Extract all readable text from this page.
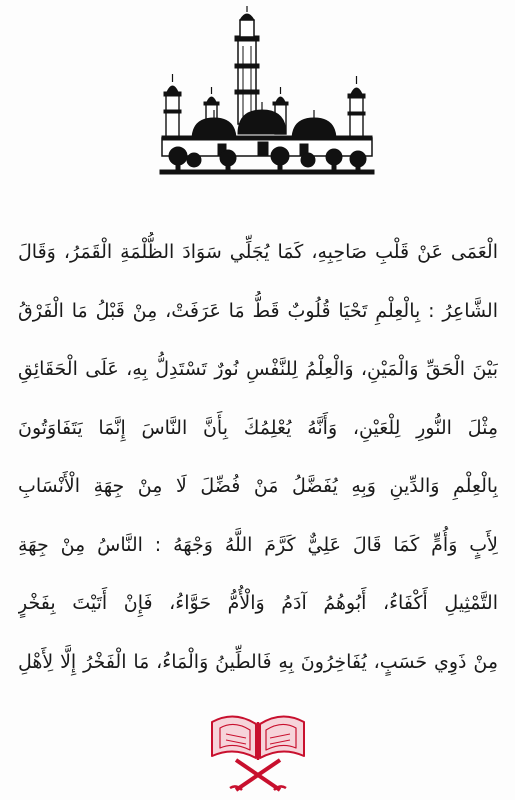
الْعَمَى عَنْ قَلْبِ صَاحِبِهِ، كَمَا يُجَلِّي سَوَادَ الظُّلْمَةِ الْقَمَرُ، وَقَالَ
الشَّاعِرُ : بِالْعِلْمِ تَحْيَا قُلُوبٌ قَطُّ مَا عَرَفَتْ، مِنْ قَبْلُ مَا الْفَرْقُ
بَيْنَ الْحَقِّ وَالْمَيْنِ، وَالْعِلْمُ لِلنَّفْسِ نُورٌ تَسْتَدِلُّ بِهِ، عَلَى الْحَقَائِقِ
مِثْلَ النُّورِ لِلْعَيْنِ، وَأَنَّهُ يُعْلِمُكَ بِأَنَّ النَّاسَ إِنَّمَا يَتَفَاوَتُونَ
بِالْعِلْمِ وَالدِّينِ وَبِهِ يُفَضَّلُ مَنْ فُضِّلَ لَا مِنْ جِهَةِ الْأَنْسَابِ
لِأَبٍ وَأُمٍّ كَمَا قَالَ عَلِيٌّ كَرَّمَ اللَّهُ وَجْهَهُ : النَّاسُ مِنْ جِهَةِ
التَّمْثِيلِ أَكْفَاءُ، أَبُوهُمُ آدَمُ وَالْأُمُّ حَوَّاءُ، فَإِنْ أَتَيْتَ بِفَخْرٍ
مِنْ ذَوِي حَسَبٍ، يُفَاخِرُونَ بِهِ فَالطِّينُ وَالْمَاءُ، مَا الْفَخْرُ إِلَّا لِأَهْلِ
